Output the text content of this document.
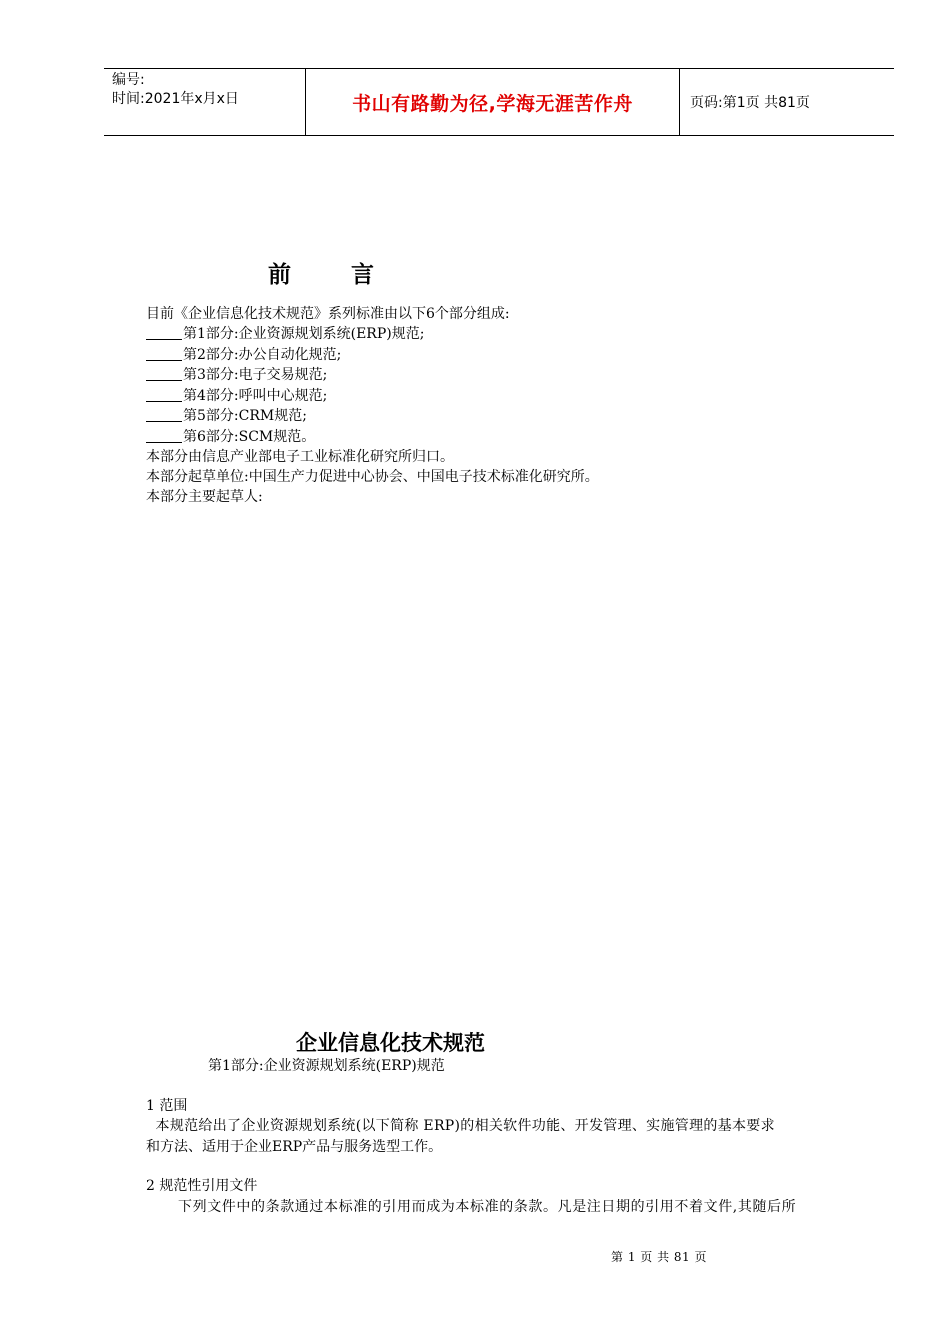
编号:
时间:2021年x月x日	书山有路勤为径,学海无涯苦作舟	页码:第1页 共81页
前言
目前《企业信息化技术规范》系列标准由以下6个部分组成:
第1部分:企业资源规划系统(ERP)规范;
第2部分:办公自动化规范;
第3部分:电子交易规范;
第4部分:呼叫中心规范;
第5部分:CRM规范;
第6部分:SCM规范。
本部分由信息产业部电子工业标准化研究所归口。
本部分起草单位:中国生产力促进中心协会、中国电子技术标准化研究所。
本部分主要起草人:
企业信息化技术规范
第1部分:企业资源规划系统(ERP)规范
1 范围
本规范给出了企业资源规划系统(以下简称 ERP)的相关软件功能、开发管理、实施管理的基本要求
和方法、适用于企业ERP产品与服务选型工作。
2 规范性引用文件
下列文件中的条款通过本标准的引用而成为本标准的条款。凡是注日期的引用不着文件,其随后所
第 1 页 共 81 页
